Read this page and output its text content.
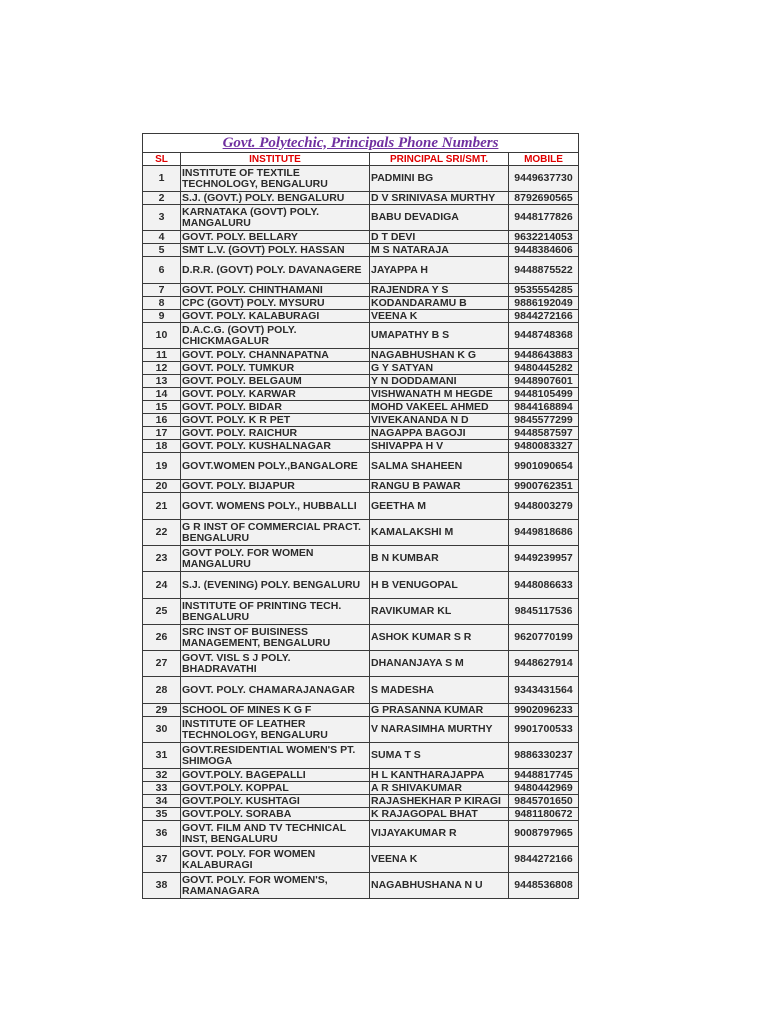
Govt. Polytechic, Principals Phone Numbers			
SL	INSTITUTE	PRINCIPAL SRI/SMT.	MOBILE
1	INSTITUTE OF TEXTILE TECHNOLOGY, BENGALURU	PADMINI BG	9449637730
2	S.J. (GOVT.) POLY. BENGALURU	D V SRINIVASA MURTHY	8792690565
3	KARNATAKA (GOVT) POLY. MANGALURU	BABU DEVADIGA	9448177826
4	GOVT. POLY. BELLARY	D T DEVI	9632214053
5	SMT L.V. (GOVT) POLY. HASSAN	M S NATARAJA	9448384606
6	D.R.R. (GOVT) POLY. DAVANAGERE	JAYAPPA H	9448875522
7	GOVT. POLY. CHINTHAMANI	RAJENDRA Y S	9535554285
8	CPC (GOVT) POLY. MYSURU	KODANDARAMU B	9886192049
9	GOVT. POLY. KALABURAGI	VEENA K	9844272166
10	D.A.C.G. (GOVT) POLY. CHICKMAGALUR	UMAPATHY B S	9448748368
11	GOVT. POLY. CHANNAPATNA	NAGABHUSHAN K G	9448643883
12	GOVT. POLY. TUMKUR	G Y SATYAN	9480445282
13	GOVT. POLY. BELGAUM	Y N DODDAMANI	9448907601
14	GOVT. POLY. KARWAR	VISHWANATH M HEGDE	9448105499
15	GOVT. POLY. BIDAR	MOHD VAKEEL AHMED	9844168894
16	GOVT. POLY. K R PET	VIVEKANANDA N D	9845577299
17	GOVT. POLY. RAICHUR	NAGAPPA BAGOJI	9448587597
18	GOVT. POLY. KUSHALNAGAR	SHIVAPPA H V	9480083327
19	GOVT.WOMEN POLY.,BANGALORE	SALMA SHAHEEN	9901090654
20	GOVT. POLY. BIJAPUR	RANGU B PAWAR	9900762351
21	GOVT. WOMENS POLY., HUBBALLI	GEETHA M	9448003279
22	G R INST OF COMMERCIAL PRACT. BENGALURU	KAMALAKSHI M	9449818686
23	GOVT POLY. FOR WOMEN MANGALURU	B N KUMBAR	9449239957
24	S.J. (EVENING) POLY. BENGALURU	H B VENUGOPAL	9448086633
25	INSTITUTE OF PRINTING TECH. BENGALURU	RAVIKUMAR KL	9845117536
26	SRC INST OF BUISINESS MANAGEMENT, BENGALURU	ASHOK KUMAR S R	9620770199
27	GOVT. VISL S J POLY. BHADRAVATHI	DHANANJAYA S M	9448627914
28	GOVT. POLY. CHAMARAJANAGAR	S MADESHA	9343431564
29	SCHOOL OF MINES K G F	G PRASANNA KUMAR	9902096233
30	INSTITUTE OF LEATHER TECHNOLOGY, BENGALURU	V NARASIMHA MURTHY	9901700533
31	GOVT.RESIDENTIAL WOMEN'S PT. SHIMOGA	SUMA T S	9886330237
32	GOVT.POLY. BAGEPALLI	H L KANTHARAJAPPA	9448817745
33	GOVT.POLY. KOPPAL	A R SHIVAKUMAR	9480442969
34	GOVT.POLY. KUSHTAGI	RAJASHEKHAR P KIRAGI	9845701650
35	GOVT.POLY. SORABA	K RAJAGOPAL BHAT	9481180672
36	GOVT. FILM AND TV TECHNICAL INST, BENGALURU	VIJAYAKUMAR R	9008797965
37	GOVT. POLY. FOR WOMEN KALABURAGI	VEENA K	9844272166
38	GOVT. POLY. FOR WOMEN'S, RAMANAGARA	NAGABHUSHANA N U	9448536808
